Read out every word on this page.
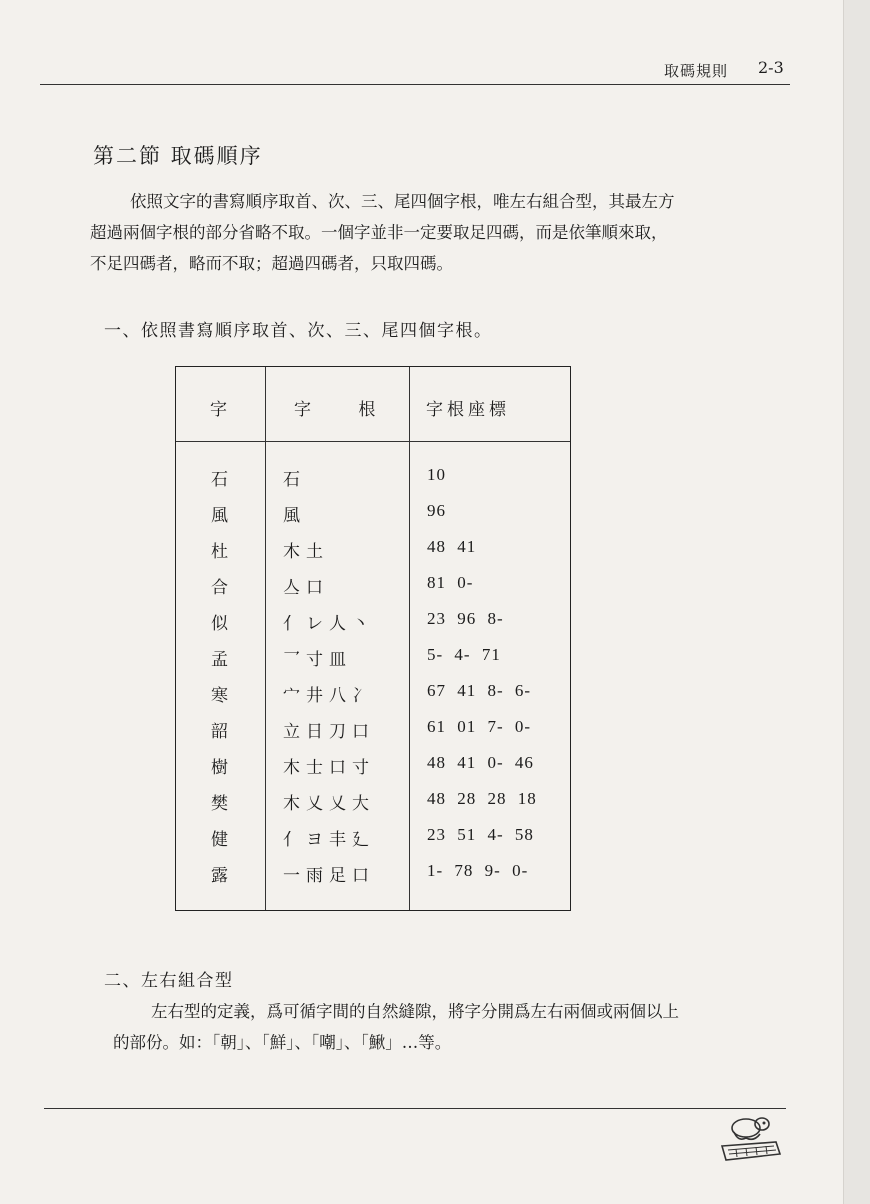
取碼規則 2-3
第二節 取碼順序
依照文字的書寫順序取首、次、三、尾四個字根，唯左右組合型，其最左方
超過兩個字根的部分省略不取。一個字並非一定要取足四碼，而是依筆順來取，
不足四碼者，略而不取；超過四碼者，只取四碼。
一、依照書寫順序取首、次、三、尾四個字根。
字	字 根	字根座標
石	石	10
風	風	96
杜	木土	48 41
合	亼口	81 0-
似	亻レ人丶	23 96 8-
孟	乛寸皿	5- 4- 71
寒	宀井八冫	67 41 8- 6-
韶	立日刀口	61 01 7- 0-
樹	木士口寸	48 41 0- 46
樊	木乂乂大	48 28 28 18
健	亻ヨ丰廴	23 51 4- 58
露	一雨足口	1- 78 9- 0-
二、左右組合型
左右型的定義，爲可循字間的自然縫隙，將字分開爲左右兩個或兩個以上
的部份。如：「朝」、「鮮」、「嘲」、「鰍」…等。
